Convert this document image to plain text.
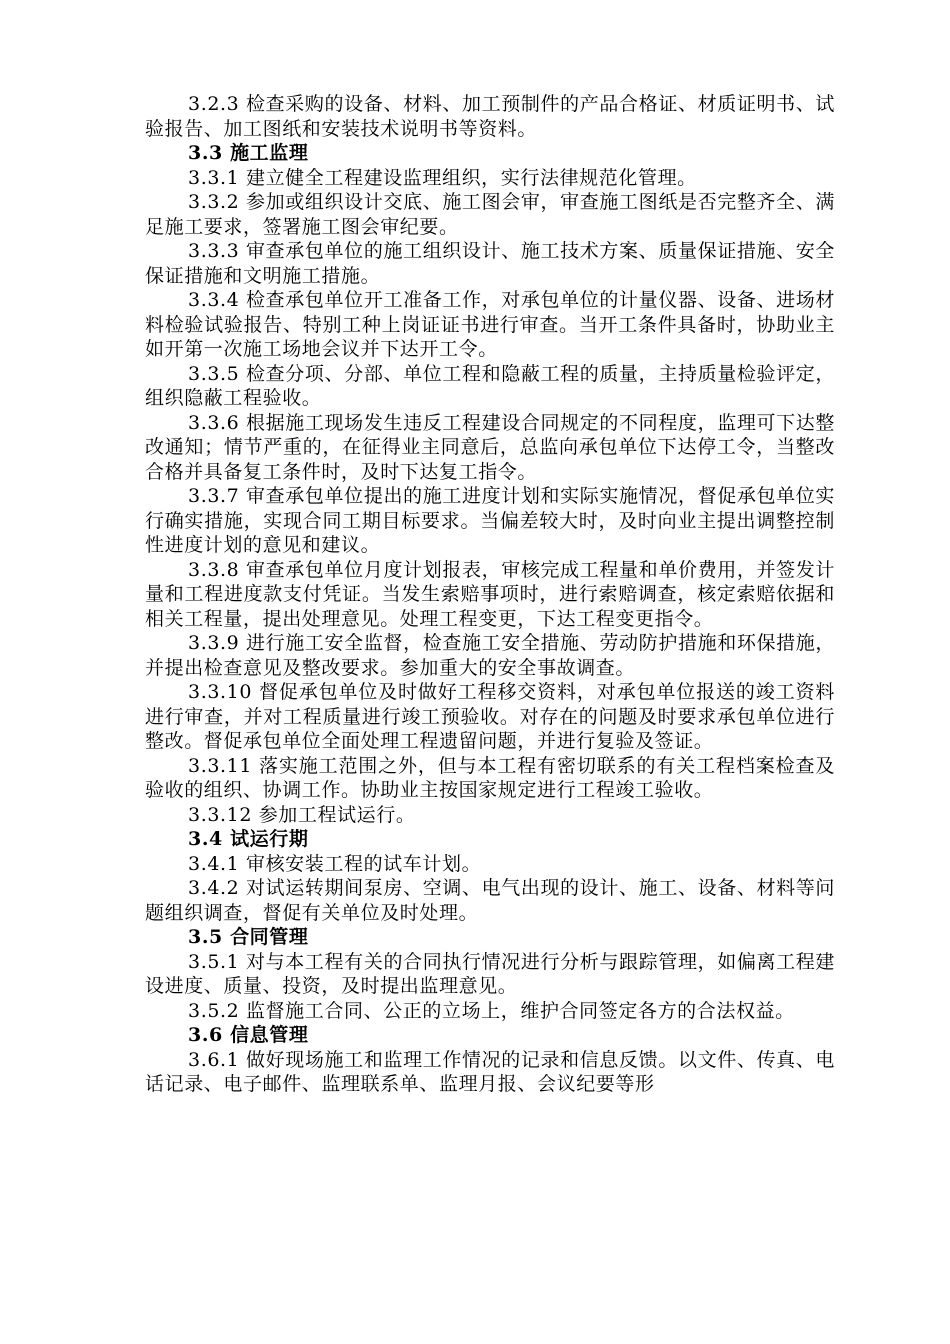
3.2.3 检查采购的设备、材料、加工预制件的产品合格证、材质证明书、试验报告、加工图纸和安装技术说明书等资料。

3.3 施工监理

3.3.1 建立健全工程建设监理组织，实行法律规范化管理。

3.3.2 参加或组织设计交底、施工图会审，审查施工图纸是否完整齐全、满足施工要求，签署施工图会审纪要。

3.3.3 审查承包单位的施工组织设计、施工技术方案、质量保证措施、安全保证措施和文明施工措施。

3.3.4 检查承包单位开工准备工作，对承包单位的计量仪器、设备、进场材料检验试验报告、特别工种上岗证证书进行审查。当开工条件具备时，协助业主如开第一次施工场地会议并下达开工令。

3.3.5 检查分项、分部、单位工程和隐蔽工程的质量，主持质量检验评定，组织隐蔽工程验收。

3.3.6 根据施工现场发生违反工程建设合同规定的不同程度，监理可下达整改通知；情节严重的，在征得业主同意后，总监向承包单位下达停工令，当整改合格并具备复工条件时，及时下达复工指令。

3.3.7 审查承包单位提出的施工进度计划和实际实施情况，督促承包单位实行确实措施，实现合同工期目标要求。当偏差较大时，及时向业主提出调整控制性进度计划的意见和建议。

3.3.8 审查承包单位月度计划报表，审核完成工程量和单价费用，并签发计量和工程进度款支付凭证。当发生索赔事项时，进行索赔调查，核定索赔依据和相关工程量，提出处理意见。处理工程变更，下达工程变更指令。

3.3.9 进行施工安全监督，检查施工安全措施、劳动防护措施和环保措施，并提出检查意见及整改要求。参加重大的安全事故调查。

3.3.10 督促承包单位及时做好工程移交资料，对承包单位报送的竣工资料进行审查，并对工程质量进行竣工预验收。对存在的问题及时要求承包单位进行整改。督促承包单位全面处理工程遗留问题，并进行复验及签证。

3.3.11 落实施工范围之外，但与本工程有密切联系的有关工程档案检查及验收的组织、协调工作。协助业主按国家规定进行工程竣工验收。

3.3.12 参加工程试运行。

3.4 试运行期

3.4.1 审核安装工程的试车计划。

3.4.2 对试运转期间泵房、空调、电气出现的设计、施工、设备、材料等问题组织调查，督促有关单位及时处理。

3.5 合同管理

3.5.1 对与本工程有关的合同执行情况进行分析与跟踪管理，如偏离工程建设进度、质量、投资，及时提出监理意见。

3.5.2 监督施工合同、公正的立场上，维护合同签定各方的合法权益。

3.6 信息管理

3.6.1 做好现场施工和监理工作情况的记录和信息反馈。以文件、传真、电话记录、电子邮件、监理联系单、监理月报、会议纪要等形
